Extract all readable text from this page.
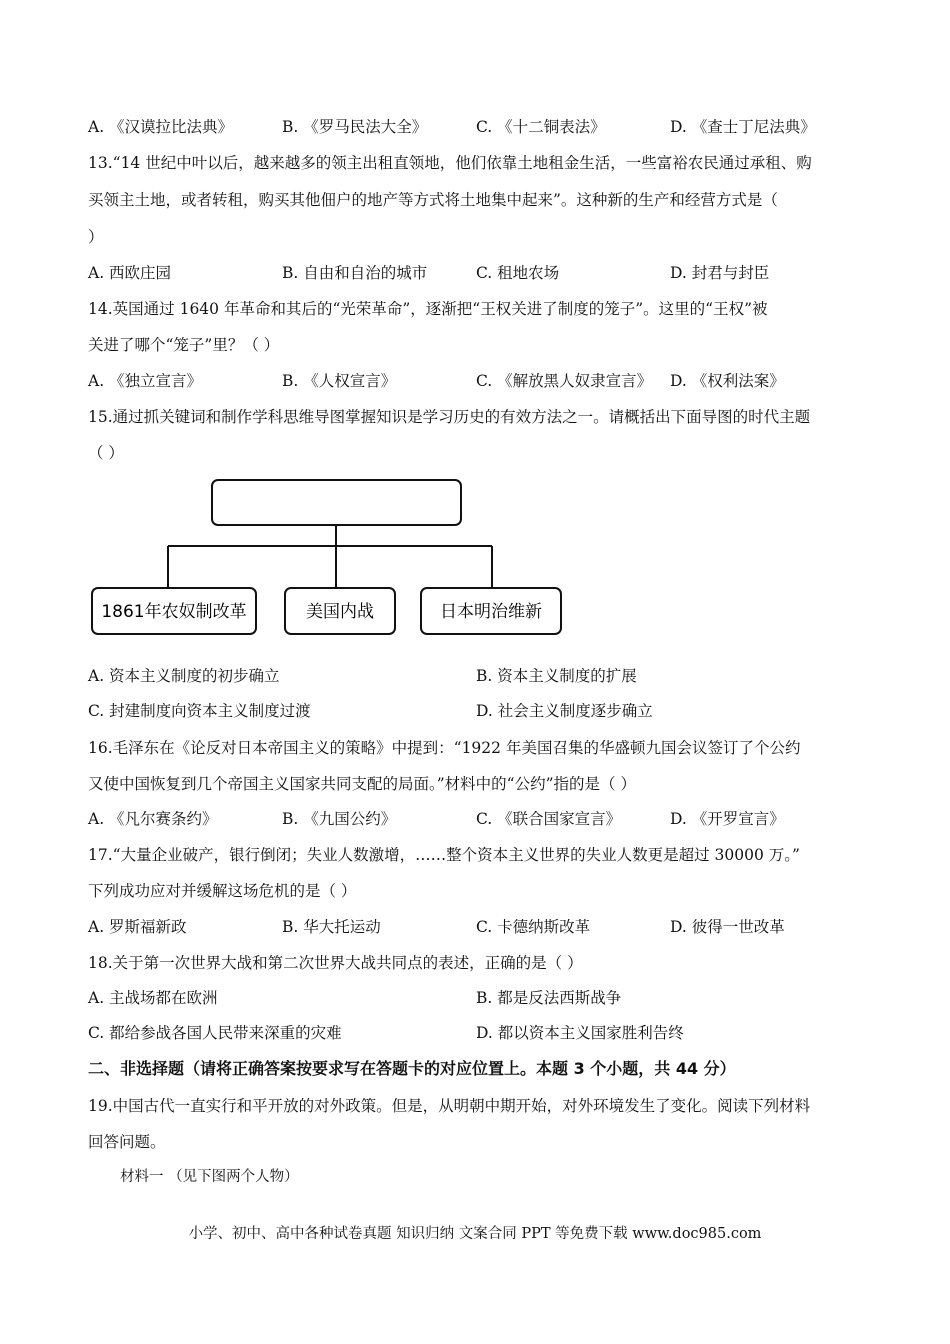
A. 《汉谟拉比法典》	B. 《罗马民法大全》	C. 《十二铜表法》	D. 《查士丁尼法典》
13.“14 世纪中叶以后，越来越多的领主出租直领地，他们依靠土地租金生活，一些富裕农民通过承租、购
买领主土地，或者转租，购买其他佃户的地产等方式将土地集中起来”。这种新的生产和经营方式是（
）
A. 西欧庄园	B. 自由和自治的城市	C. 租地农场	D. 封君与封臣
14.英国通过 1640 年革命和其后的“光荣革命”，逐渐把“王权关进了制度的笼子”。这里的“王权”被
关进了哪个“笼子”里？（ ）
A. 《独立宣言》	B. 《人权宣言》	C. 《解放黑人奴隶宣言》 D. 《权利法案》
15.通过抓关键词和制作学科思维导图掌握知识是学习历史的有效方法之一。请概括出下面导图的时代主题
（ ）
1861年农奴制改革	美国内战	日本明治维新
A. 资本主义制度的初步确立	B. 资本主义制度的扩展
C. 封建制度向资本主义制度过渡	D. 社会主义制度逐步确立
16.毛泽东在《论反对日本帝国主义的策略》中提到：“1922 年美国召集的华盛顿九国会议签订了个公约
又使中国恢复到几个帝国主义国家共同支配的局面。”材料中的“公约”指的是（ ）
A. 《凡尔赛条约》	B. 《九国公约》	C. 《联合国家宣言》	D. 《开罗宣言》
17.“大量企业破产，银行倒闭；失业人数激增，……整个资本主义世界的失业人数更是超过 30000 万。”
下列成功应对并缓解这场危机的是（ ）
A. 罗斯福新政	B. 华大托运动	C. 卡德纳斯改革	D. 彼得一世改革
18.关于第一次世界大战和第二次世界大战共同点的表述，正确的是（ ）
A. 主战场都在欧洲	B. 都是反法西斯战争
C. 都给参战各国人民带来深重的灾难	D. 都以资本主义国家胜利告终
二、非选择题（请将正确答案按要求写在答题卡的对应位置上。本题 3 个小题，共 44 分）
19.中国古代一直实行和平开放的对外政策。但是，从明朝中期开始，对外环境发生了变化。阅读下列材料
回答问题。
材料一 （见下图两个人物）
小学、初中、高中各种试卷真题 知识归纳 文案合同 PPT 等免费下载 www.doc985.com
